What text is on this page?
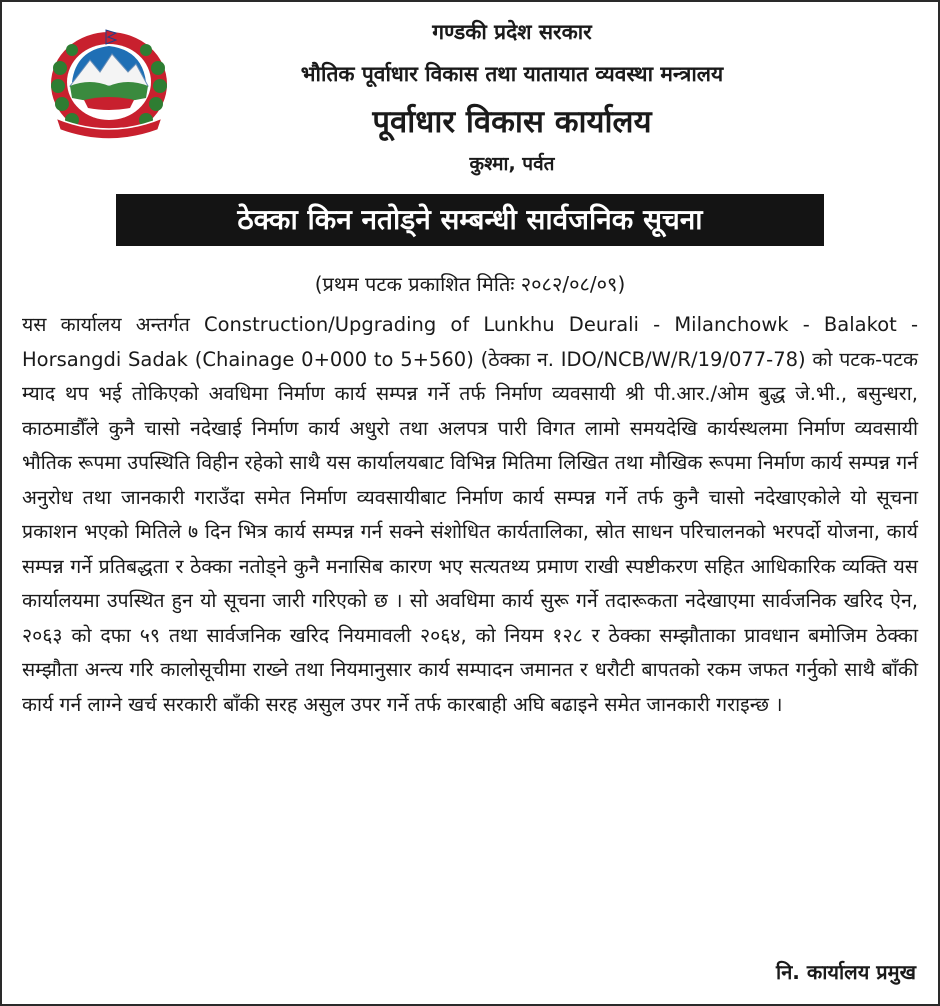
गण्डकी प्रदेश सरकार
भौतिक पूर्वाधार विकास तथा यातायात व्यवस्था मन्त्रालय
पूर्वाधार विकास कार्यालय
कुश्मा, पर्वत
ठेक्का किन नतोड्ने सम्बन्धी सार्वजनिक सूचना
(प्रथम पटक प्रकाशित मितिः २०८२/०८/०९)
यस कार्यालय अन्तर्गत Construction/Upgrading of Lunkhu Deurali - Milanchowk - Balakot - Horsangdi Sadak (Chainage 0+000 to 5+560) (ठेक्का न. IDO/NCB/W/R/19/077-78) को पटक-पटक म्याद थप भई तोकिएको अवधिमा निर्माण कार्य सम्पन्न गर्ने तर्फ निर्माण व्यवसायी श्री पी.आर./ओम बुद्ध जे.भी., बसुन्धरा, काठमाडौँले कुनै चासो नदेखाई निर्माण कार्य अधुरो तथा अलपत्र पारी विगत लामो समयदेखि कार्यस्थलमा निर्माण व्यवसायी भौतिक रूपमा उपस्थिति विहीन रहेको साथै यस कार्यालयबाट विभिन्न मितिमा लिखित तथा मौखिक रूपमा निर्माण कार्य सम्पन्न गर्न अनुरोध तथा जानकारी गराउँदा समेत निर्माण व्यवसायीबाट निर्माण कार्य सम्पन्न गर्ने तर्फ कुनै चासो नदेखाएकोले यो सूचना प्रकाशन भएको मितिले ७ दिन भित्र कार्य सम्पन्न गर्न सक्ने संशोधित कार्यतालिका, स्रोत साधन परिचालनको भरपर्दो योजना, कार्य सम्पन्न गर्ने प्रतिबद्धता र ठेक्का नतोड्ने कुनै मनासिब कारण भए सत्यतथ्य प्रमाण राखी स्पष्टीकरण सहित आधिकारिक व्यक्ति यस कार्यालयमा उपस्थित हुन यो सूचना जारी गरिएको छ । सो अवधिमा कार्य सुरू गर्ने तदारूकता नदेखाएमा सार्वजनिक खरिद ऐन, २०६३ को दफा ५९ तथा सार्वजनिक खरिद नियमावली २०६४, को नियम १२८ र ठेक्का सम्झौताका प्रावधान बमोजिम ठेक्का सम्झौता अन्त्य गरि कालोसूचीमा राख्ने तथा नियमानुसार कार्य सम्पादन जमानत र धरौटी बापतको रकम जफत गर्नुको साथै बाँकी कार्य गर्न लाग्ने खर्च सरकारी बाँकी सरह असुल उपर गर्ने तर्फ कारबाही अघि बढाइने समेत जानकारी गराइन्छ ।
नि. कार्यालय प्रमुख
